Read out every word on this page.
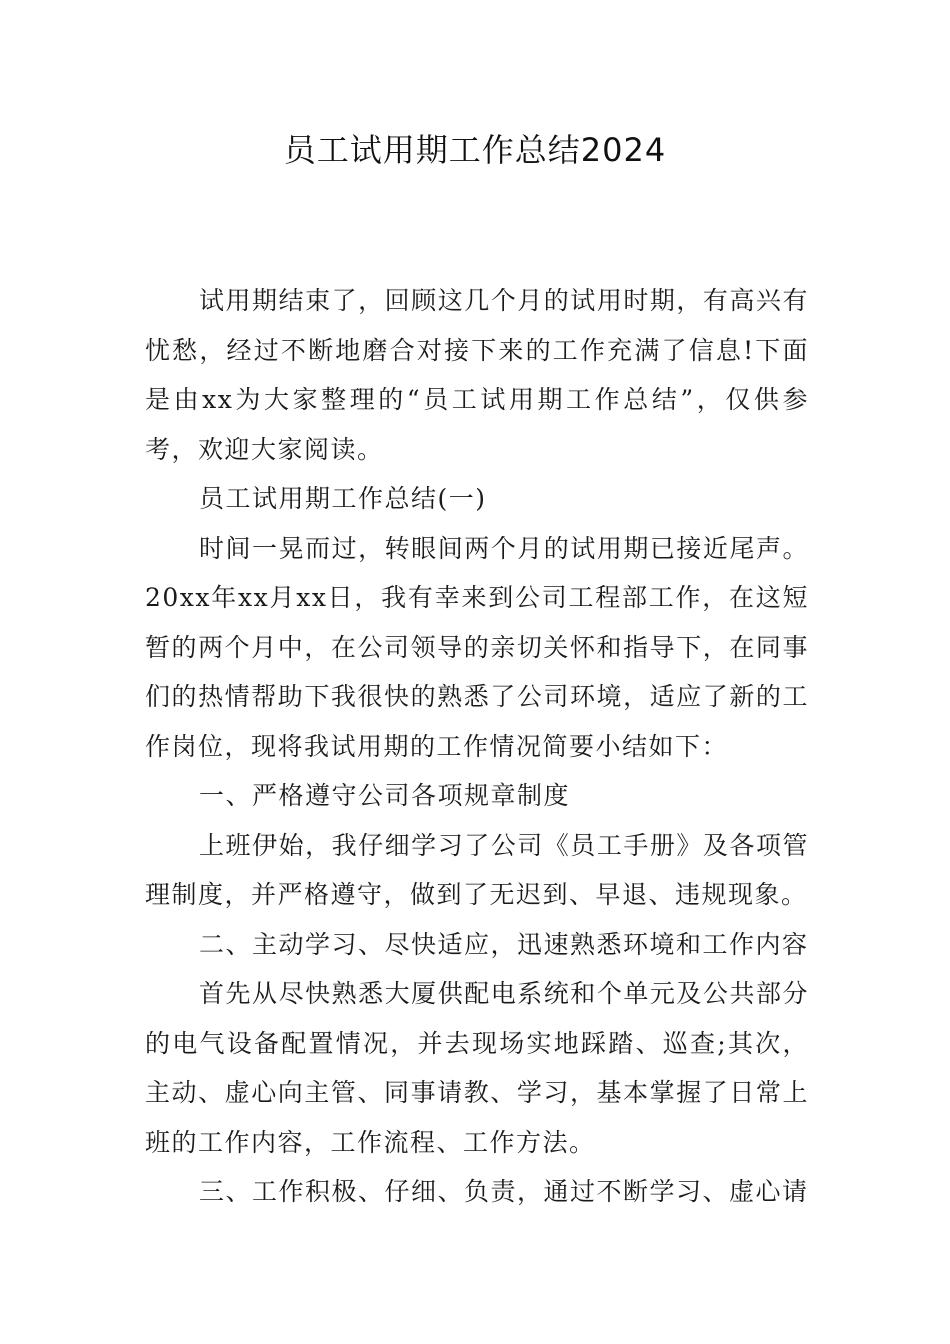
员工试用期工作总结2024

试用期结束了，回顾这几个月的试用时期，有高兴有忧愁，经过不断地磨合对接下来的工作充满了信息!下面是由xx为大家整理的“员工试用期工作总结”，仅供参考，欢迎大家阅读。

员工试用期工作总结(一)

时间一晃而过，转眼间两个月的试用期已接近尾声。20xx年xx月xx日，我有幸来到公司工程部工作，在这短暂的两个月中，在公司领导的亲切关怀和指导下，在同事们的热情帮助下我很快的熟悉了公司环境，适应了新的工作岗位，现将我试用期的工作情况简要小结如下：

一、严格遵守公司各项规章制度

上班伊始，我仔细学习了公司《员工手册》及各项管理制度，并严格遵守，做到了无迟到、早退、违规现象。

二、主动学习、尽快适应，迅速熟悉环境和工作内容

首先从尽快熟悉大厦供配电系统和个单元及公共部分的电气设备配置情况，并去现场实地踩踏、巡查;其次，主动、虚心向主管、同事请教、学习，基本掌握了日常上班的工作内容，工作流程、工作方法。

三、工作积极、仔细、负责，通过不断学习、虚心请
